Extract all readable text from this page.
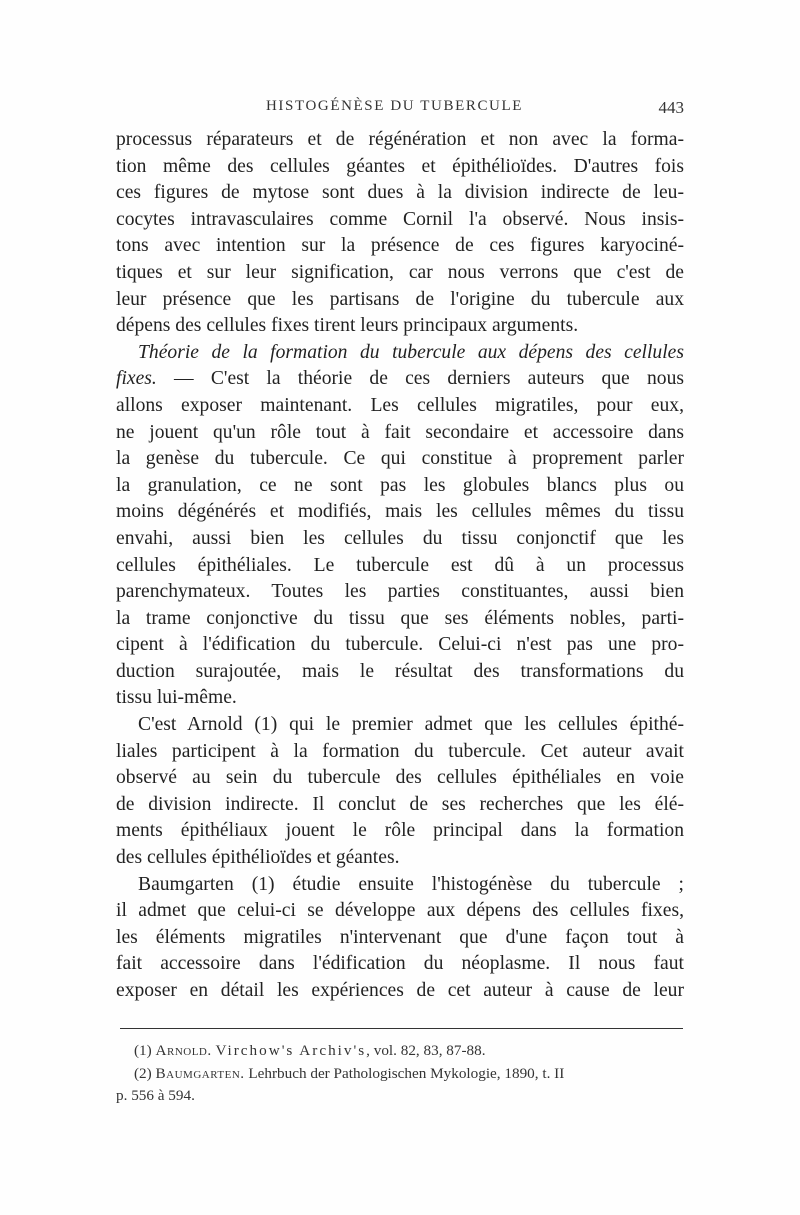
HISTOGÉNÈSE DU TUBERCULE	443
processus réparateurs et de régénération et non avec la forma-
tion même des cellules géantes et épithélioïdes. D'autres fois
ces figures de mytose sont dues à la division indirecte de leu-
cocytes intravasculaires comme Cornil l'a observé. Nous insis-
tons avec intention sur la présence de ces figures karyociné-
tiques et sur leur signification, car nous verrons que c'est de
leur présence que les partisans de l'origine du tubercule aux
dépens des cellules fixes tirent leurs principaux arguments.
Théorie de la formation du tubercule aux dépens des cellules
fixes. — C'est la théorie de ces derniers auteurs que nous
allons exposer maintenant. Les cellules migratiles, pour eux,
ne jouent qu'un rôle tout à fait secondaire et accessoire dans
la genèse du tubercule. Ce qui constitue à proprement parler
la granulation, ce ne sont pas les globules blancs plus ou
moins dégénérés et modifiés, mais les cellules mêmes du tissu
envahi, aussi bien les cellules du tissu conjonctif que les
cellules épithéliales. Le tubercule est dû à un processus
parenchymateux. Toutes les parties constituantes, aussi bien
la trame conjonctive du tissu que ses éléments nobles, parti-
cipent à l'édification du tubercule. Celui-ci n'est pas une pro-
duction surajoutée, mais le résultat des transformations du
tissu lui-même.
C'est Arnold (1) qui le premier admet que les cellules épithé-
liales participent à la formation du tubercule. Cet auteur avait
observé au sein du tubercule des cellules épithéliales en voie
de division indirecte. Il conclut de ses recherches que les élé-
ments épithéliaux jouent le rôle principal dans la formation
des cellules épithélioïdes et géantes.
Baumgarten (1) étudie ensuite l'histogénèse du tubercule ;
il admet que celui-ci se développe aux dépens des cellules fixes,
les éléments migratiles n'intervenant que d'une façon tout à
fait accessoire dans l'édification du néoplasme. Il nous faut
exposer en détail les expériences de cet auteur à cause de leur
(1) Arnold. Virchow's Archiv's, vol. 82, 83, 87-88.
(2) Baumgarten. Lehrbuch der Pathologischen Mykologie, 1890, t. II
p. 556 à 594.
